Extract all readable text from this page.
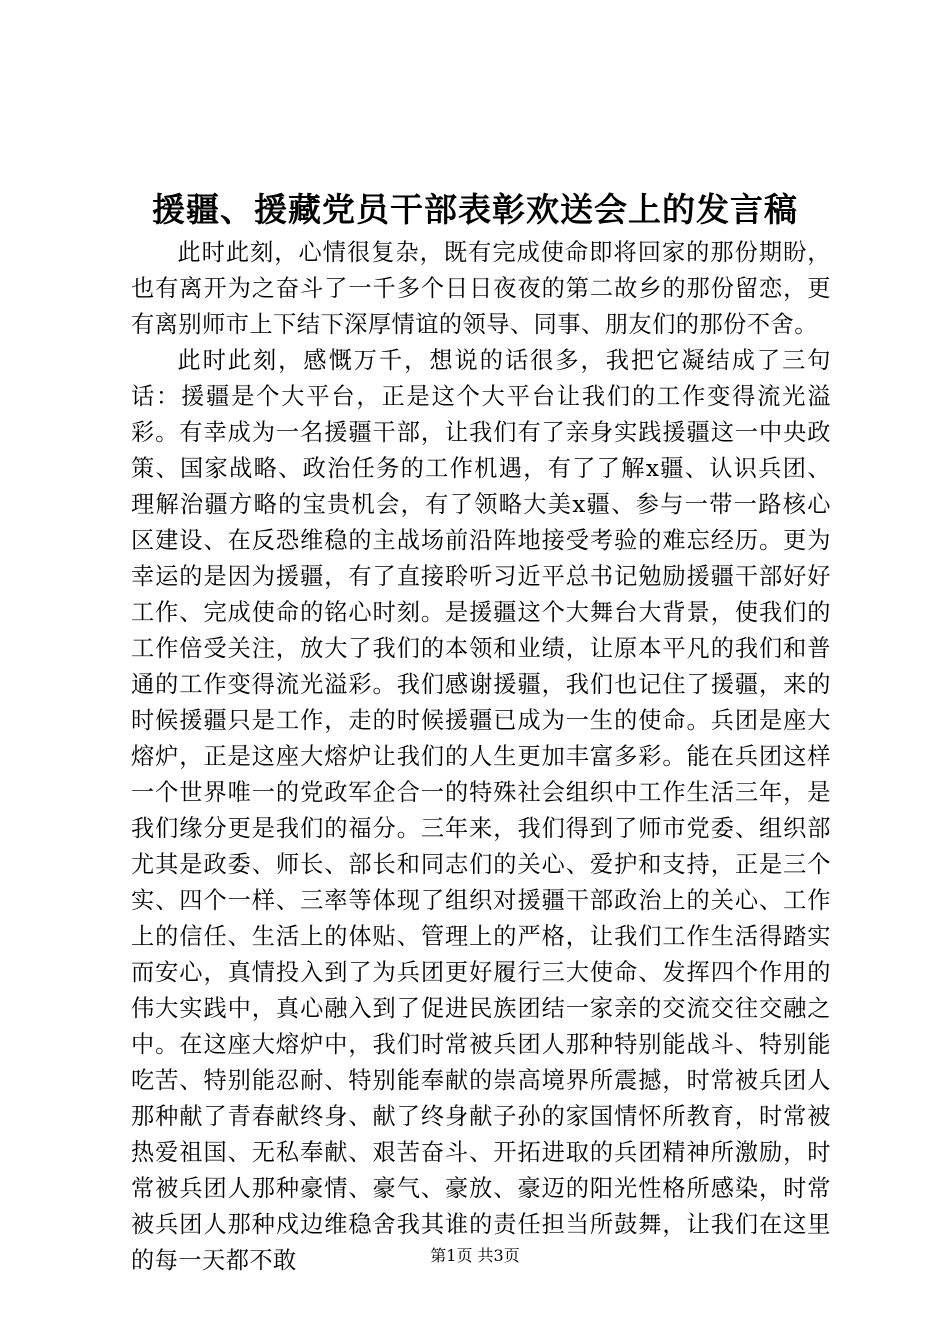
援疆、援藏党员干部表彰欢送会上的发言稿

此时此刻，心情很复杂，既有完成使命即将回家的那份期盼，也有离开为之奋斗了一千多个日日夜夜的第二故乡的那份留恋，更有离别师市上下结下深厚情谊的领导、同事、朋友们的那份不舍。

此时此刻，感慨万千，想说的话很多，我把它凝结成了三句话：援疆是个大平台，正是这个大平台让我们的工作变得流光溢彩。有幸成为一名援疆干部，让我们有了亲身实践援疆这一中央政策、国家战略、政治任务的工作机遇，有了了解x疆、认识兵团、理解治疆方略的宝贵机会，有了领略大美x疆、参与一带一路核心区建设、在反恐维稳的主战场前沿阵地接受考验的难忘经历。更为幸运的是因为援疆，有了直接聆听习近平总书记勉励援疆干部好好工作、完成使命的铭心时刻。是援疆这个大舞台大背景，使我们的工作倍受关注，放大了我们的本领和业绩，让原本平凡的我们和普通的工作变得流光溢彩。我们感谢援疆，我们也记住了援疆，来的时候援疆只是工作，走的时候援疆已成为一生的使命。兵团是座大熔炉，正是这座大熔炉让我们的人生更加丰富多彩。能在兵团这样一个世界唯一的党政军企合一的特殊社会组织中工作生活三年，是我们缘分更是我们的福分。三年来，我们得到了师市党委、组织部尤其是政委、师长、部长和同志们的关心、爱护和支持，正是三个实、四个一样、三率等体现了组织对援疆干部政治上的关心、工作上的信任、生活上的体贴、管理上的严格，让我们工作生活得踏实而安心，真情投入到了为兵团更好履行三大使命、发挥四个作用的伟大实践中，真心融入到了促进民族团结一家亲的交流交往交融之中。在这座大熔炉中，我们时常被兵团人那种特别能战斗、特别能吃苦、特别能忍耐、特别能奉献的崇高境界所震撼，时常被兵团人那种献了青春献终身、献了终身献子孙的家国情怀所教育，时常被热爱祖国、无私奉献、艰苦奋斗、开拓进取的兵团精神所激励，时常被兵团人那种豪情、豪气、豪放、豪迈的阳光性格所感染，时常被兵团人那种戍边维稳舍我其谁的责任担当所鼓舞，让我们在这里的每一天都不敢	第1页 共3页
